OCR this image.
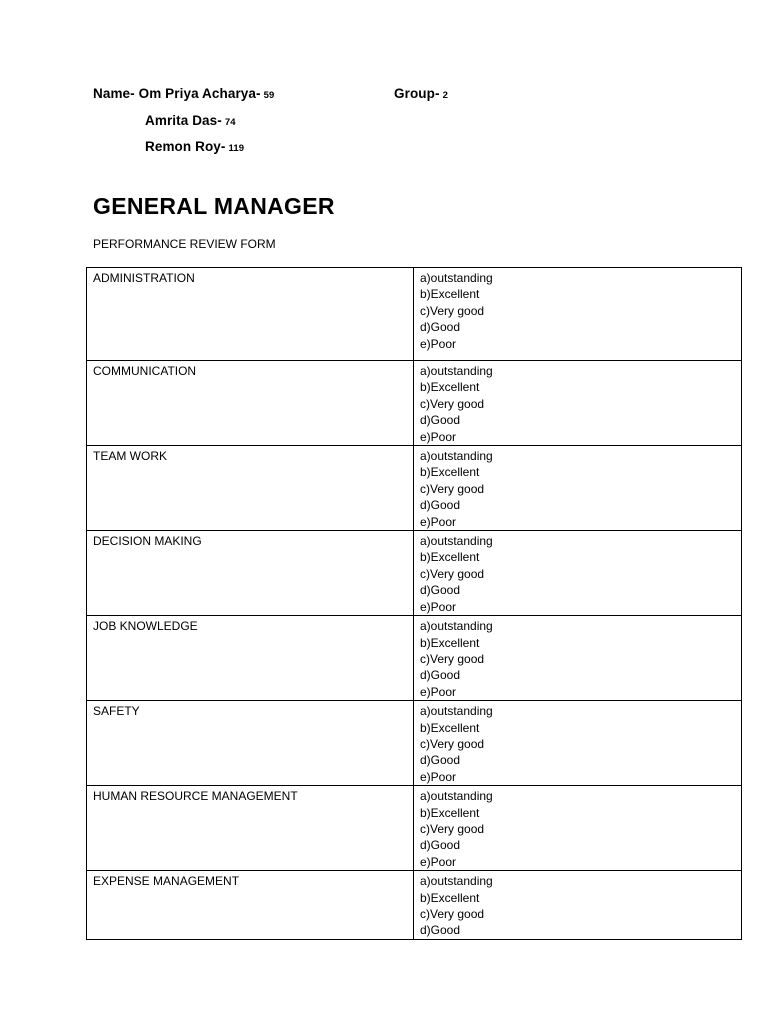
Name- Om Priya Acharya- 59	Group- 2
Amrita Das- 74
Remon Roy- 119
GENERAL MANAGER

PERFORMANCE REVIEW FORM

ADMINISTRATION	a)outstanding
b)Excellent
c)Very good
d)Good
e)Poor

COMMUNICATION	a)outstanding
b)Excellent
c)Very good
d)Good
e)Poor

TEAM WORK	a)outstanding
b)Excellent
c)Very good
d)Good
e)Poor

DECISION MAKING	a)outstanding
b)Excellent
c)Very good
d)Good
e)Poor

JOB KNOWLEDGE	a)outstanding
b)Excellent
c)Very good
d)Good
e)Poor

SAFETY	a)outstanding
b)Excellent
c)Very good
d)Good
e)Poor

HUMAN RESOURCE MANAGEMENT	a)outstanding
b)Excellent
c)Very good
d)Good
e)Poor

EXPENSE MANAGEMENT	a)outstanding
b)Excellent
c)Very good
d)Good
